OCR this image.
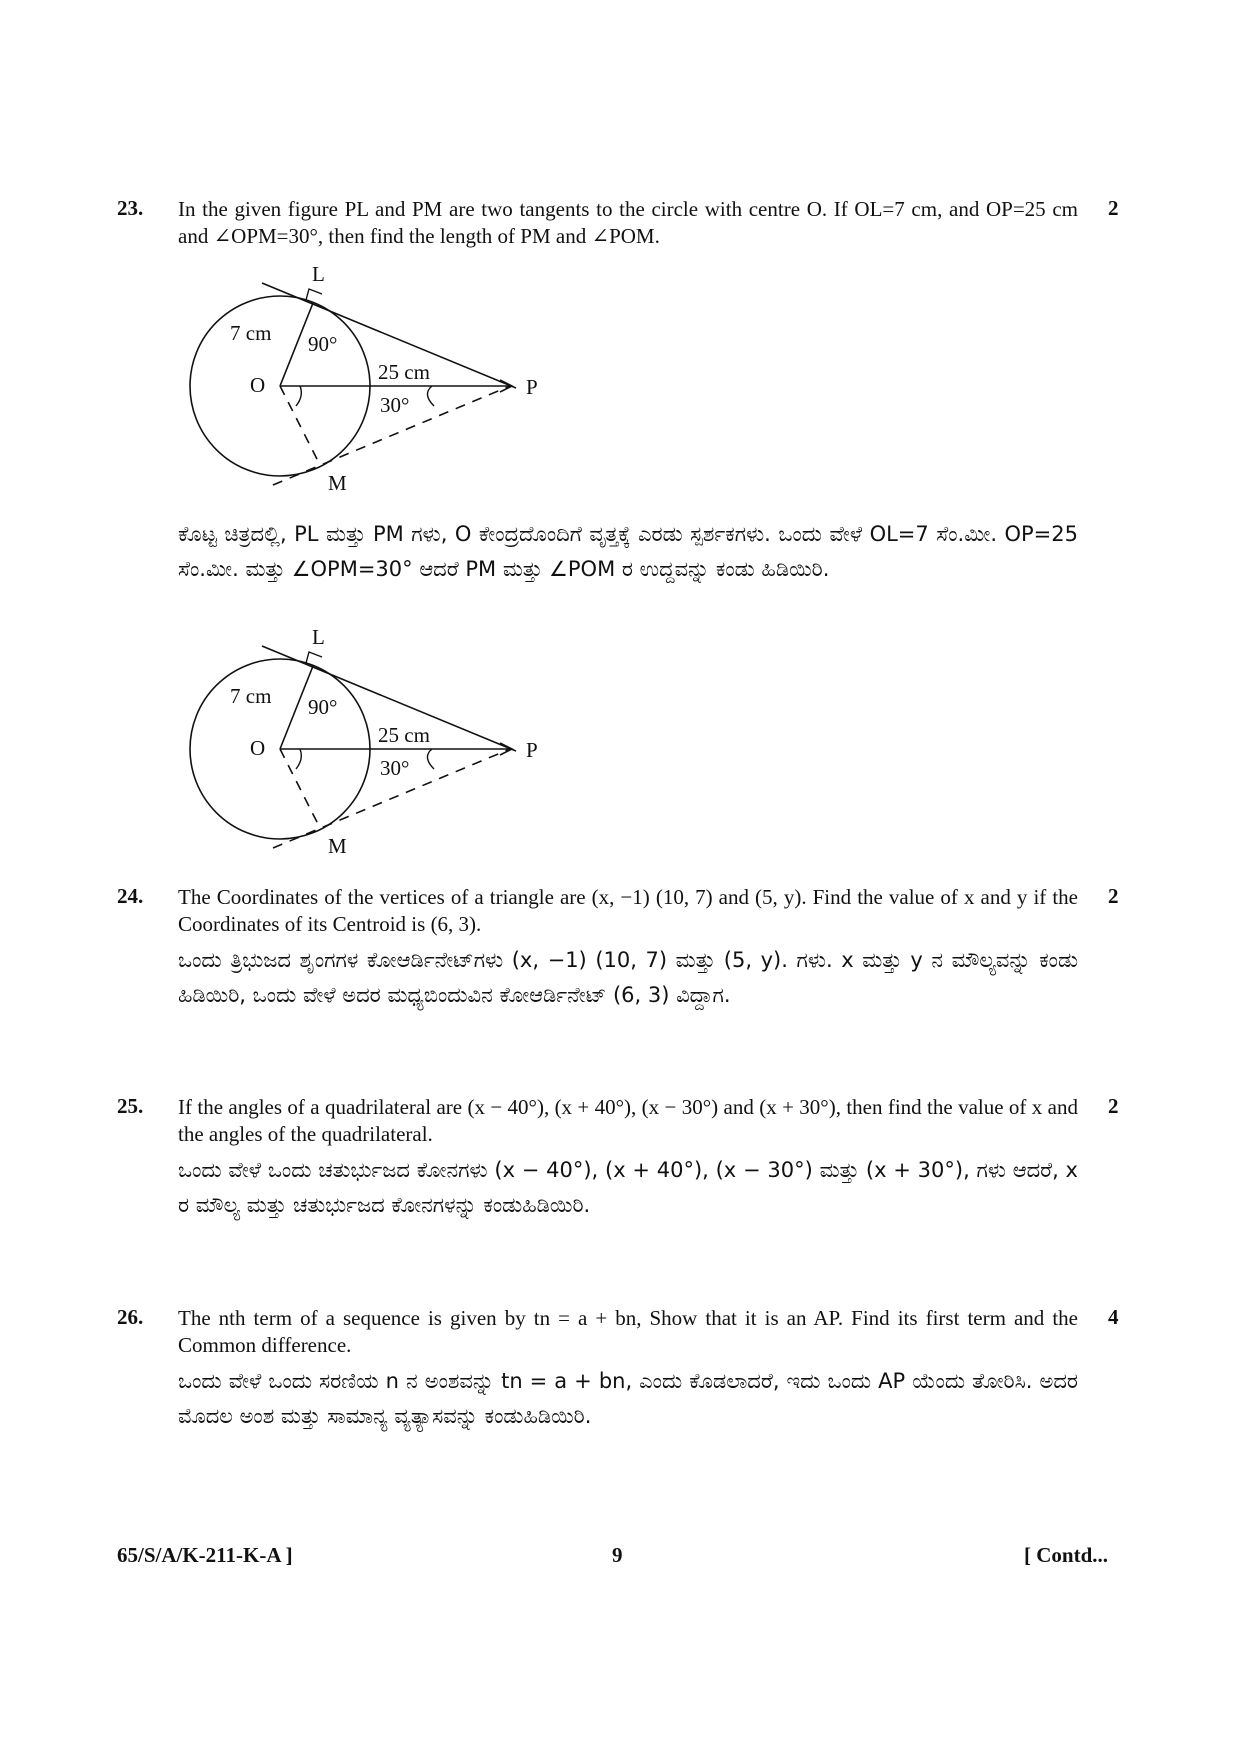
23. In the given figure PL and PM are two tangents to the circle with centre O. If OL=7 cm, and OP=25 cm and ∠OPM=30°, then find the length of PM and ∠POM.

2
L
O	P
M
7 cm 90°
25 cm
30°

ಕೊಟ್ಟ ಚಿತ್ರದಲ್ಲಿ, PL ಮತ್ತು PM ಗಳು, O ಕೇಂದ್ರದೊಂದಿಗೆ ವೃತ್ತಕ್ಕೆ ಎರಡು ಸ್ಪರ್ಶಕಗಳು. ಒಂದು ವೇಳೆ OL=7 ಸೆಂ.ಮೀ. OP=25 ಸೆಂ.ಮೀ. ಮತ್ತು ∠OPM=30° ಆದರೆ PM ಮತ್ತು ∠POM ರ ಉದ್ದವನ್ನು ಕಂಡು ಹಿಡಿಯಿರಿ.

L
O	P
M
7 cm 90°
25 cm
30°
24. The Coordinates of the vertices of a triangle are (x, −1) (10, 7) and (5, y). Find the value of x and y if the Coordinates of its Centroid is (6, 3).

2

ಒಂದು ತ್ರಿಭುಜದ ಶೃಂಗಗಳ ಕೋಆರ್ಡಿನೇಟ್‌ಗಳು (x, −1) (10, 7) ಮತ್ತು (5, y). ಗಳು. x ಮತ್ತು y ನ ಮೌಲ್ಯವನ್ನು ಕಂಡು ಹಿಡಿಯಿರಿ, ಒಂದು ವೇಳೆ ಅದರ ಮಧ್ಯಬಿಂದುವಿನ ಕೋಆರ್ಡಿನೇಟ್ (6, 3) ವಿದ್ದಾಗ.

25. If the angles of a quadrilateral are (x − 40°), (x + 40°), (x − 30°) and (x + 30°), then find the value of x and the angles of the quadrilateral.

2

ಒಂದು ವೇಳೆ ಒಂದು ಚತುರ್ಭುಜದ ಕೋನಗಳು (x − 40°), (x + 40°), (x − 30°) ಮತ್ತು (x + 30°), ಗಳು ಆದರೆ, x ರ ಮೌಲ್ಯ ಮತ್ತು ಚತುರ್ಭುಜದ ಕೋನಗಳನ್ನು ಕಂಡುಹಿಡಿಯಿರಿ.

26. The nth term of a sequence is given by tn = a + bn, Show that it is an AP. Find its first term and the Common difference.

4

ಒಂದು ವೇಳೆ ಒಂದು ಸರಣಿಯ n ನ ಅಂಶವನ್ನು tn = a + bn, ಎಂದು ಕೊಡಲಾದರೆ, ಇದು ಒಂದು AP ಯೆಂದು ತೋರಿಸಿ. ಅದರ ಮೊದಲ ಅಂಶ ಮತ್ತು ಸಾಮಾನ್ಯ ವ್ಯತ್ಯಾಸವನ್ನು ಕಂಡುಹಿಡಿಯಿರಿ.

65/S/A/K-211-K-A ]	9	[ Contd...
